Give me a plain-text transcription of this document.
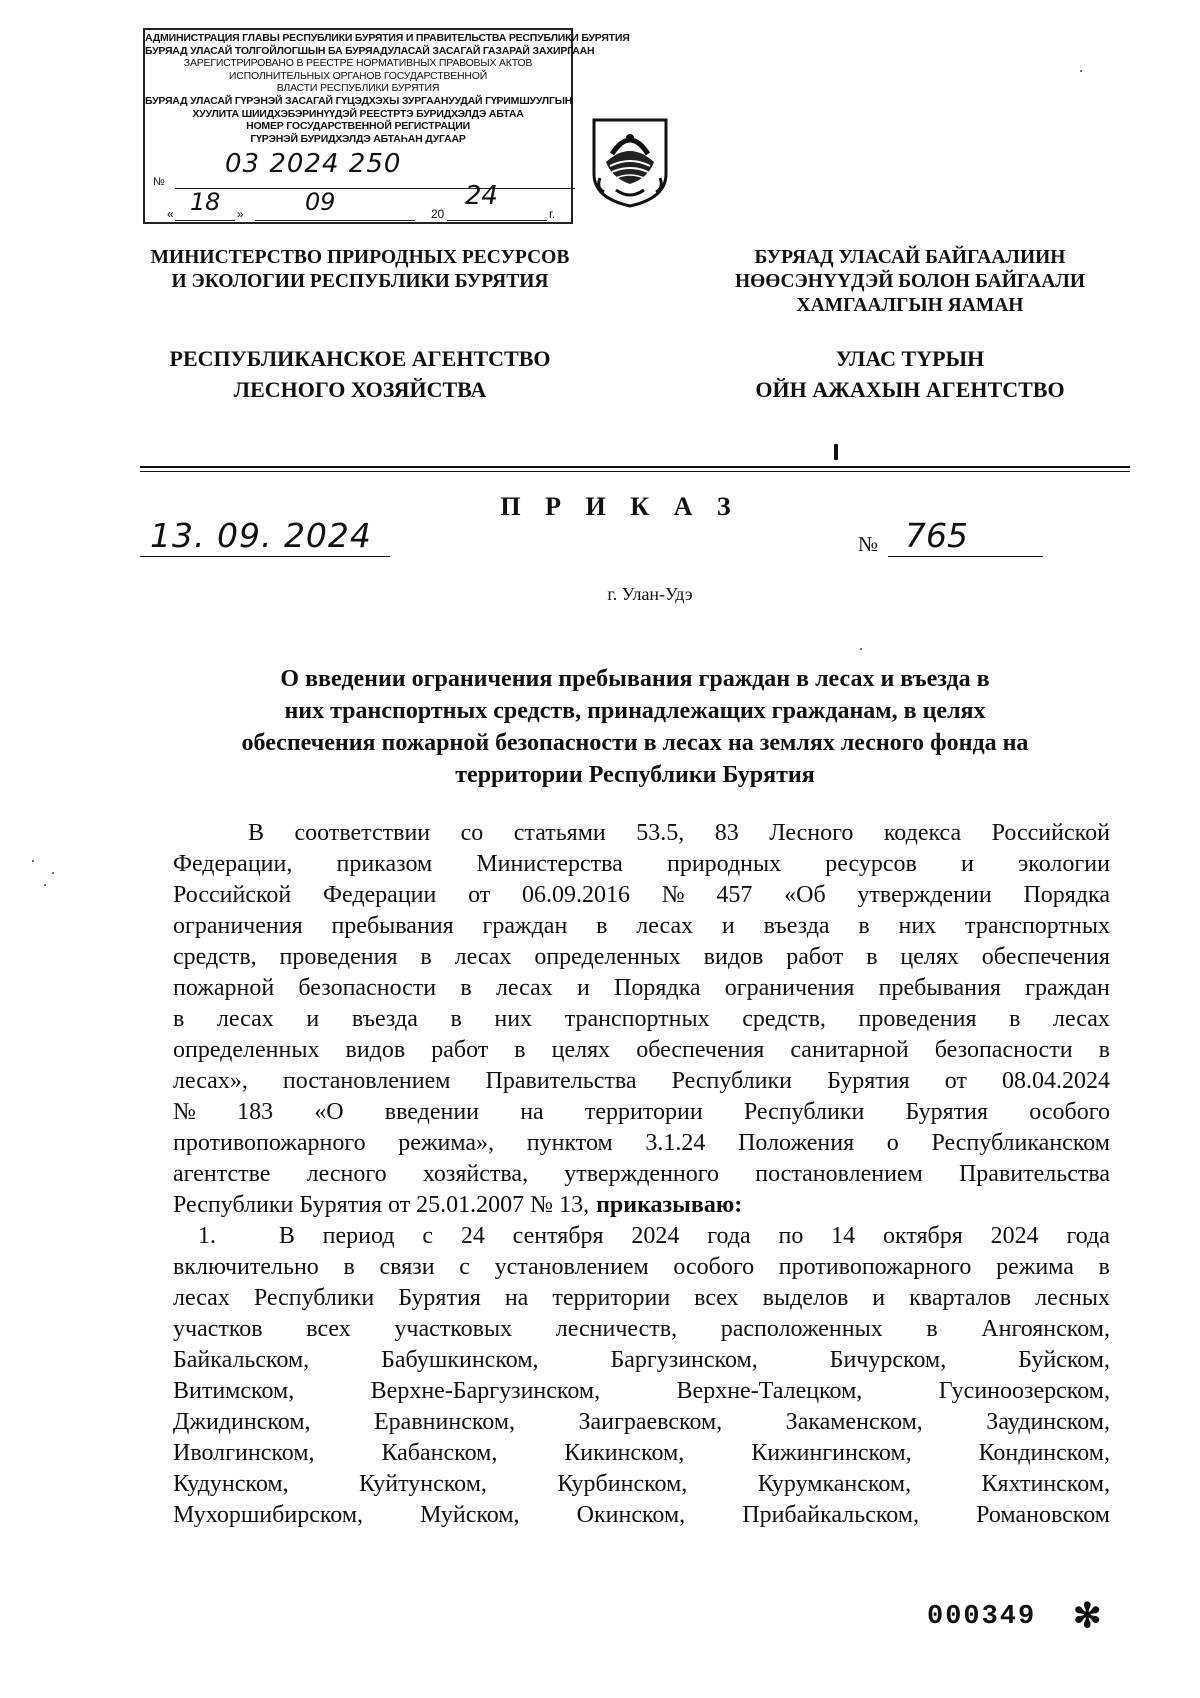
АДМИНИСТРАЦИЯ ГЛАВЫ РЕСПУБЛИКИ БУРЯТИЯ И ПРАВИТЕЛЬСТВА РЕСПУБЛИКИ БУРЯТИЯ
БУРЯАД УЛАСАЙ ТОЛГОЙЛОГШЫН БА БУРЯАДУЛАСАЙ ЗАСАГАЙ ГАЗАРАЙ ЗАХИРГААН
ЗАРЕГИСТРИРОВАНО В РЕЕСТРЕ НОРМАТИВНЫХ ПРАВОВЫХ АКТОВ
ИСПОЛНИТЕЛЬНЫХ ОРГАНОВ ГОСУДАРСТВЕННОЙ
ВЛАСТИ РЕСПУБЛИКИ БУРЯТИЯ
БУРЯАД УЛАСАЙ ГҮРЭНЭЙ ЗАСАГАЙ ГҮЦЭДХЭХЫ ЗУРГААНУУДАЙ ГҮРИМШУУЛГЫН
ХУУЛИТА ШИИДХЭБЭРИНҮҮДЭЙ РЕЕСТРТЭ БУРИДХЭЛДЭ АБТАА
НОМЕР ГОСУДАРСТВЕННОЙ РЕГИСТРАЦИИ
ГҮРЭНЭЙ БУРИДХЭЛДЭ АБТАҺАН ДУГААР
№
03 2024 250
« 18 »	09	20
24
г.
МИНИСТЕРСТВО ПРИРОДНЫХ РЕСУРСОВ
И ЭКОЛОГИИ РЕСПУБЛИКИ БУРЯТИЯ
БУРЯАД УЛАСАЙ БАЙГААЛИИН
НӨӨСЭНҮҮДЭЙ БОЛОН БАЙГААЛИ
ХАМГААЛГЫН ЯАМАН
РЕСПУБЛИКАНСКОЕ АГЕНТСТВО
ЛЕСНОГО ХОЗЯЙСТВА
УЛАС ТҮРЫН
ОЙН АЖАХЫН АГЕНТСТВО
П Р И К А З
13. 09. 2024	№ 765
г. Улан-Удэ
О введении ограничения пребывания граждан в лесах и въезда в
них транспортных средств, принадлежащих гражданам, в целях
обеспечения пожарной безопасности в лесах на землях лесного фонда на
территории Республики Бурятия
В соответствии со статьями 53.5, 83 Лесного кодекса Российской
Федерации, приказом Министерства природных ресурсов и экологии
Российской Федерации от 06.09.2016 № 457 «Об утверждении Порядка
ограничения пребывания граждан в лесах и въезда в них транспортных
средств, проведения в лесах определенных видов работ в целях обеспечения
пожарной безопасности в лесах и Порядка ограничения пребывания граждан
в лесах и въезда в них транспортных средств, проведения в лесах
определенных видов работ в целях обеспечения санитарной безопасности в
лесах», постановлением Правительства Республики Бурятия от 08.04.2024
№ 183 «О введении на территории Республики Бурятия особого
противопожарного режима», пунктом 3.1.24 Положения о Республиканском
агентстве лесного хозяйства, утвержденного постановлением Правительства
Республики Бурятия от 25.01.2007 № 13, приказываю:
1.	В период с 24 сентября 2024 года по 14 октября 2024 года
включительно в связи с установлением особого противопожарного режима в
лесах Республики Бурятия на территории всех выделов и кварталов лесных
участков всех участковых лесничеств, расположенных в Ангоянском,
Байкальском,	Бабушкинском,	Баргузинском,	Бичурском,	Буйском,
Витимском,	Верхне-Баргузинском,	Верхне-Талецком,	Гусиноозерском,
Джидинском,	Еравнинском,	Заиграевском,	Закаменском,	Заудинском,
Иволгинском,	Кабанском,	Кикинском,	Кижингинском,	Кондинском,
Кудунском,	Куйтунском,	Курбинском,	Курумканском,	Кяхтинском,
Мухоршибирском, Муйском, Окинском, Прибайкальском, Романовском
000349 ✻
